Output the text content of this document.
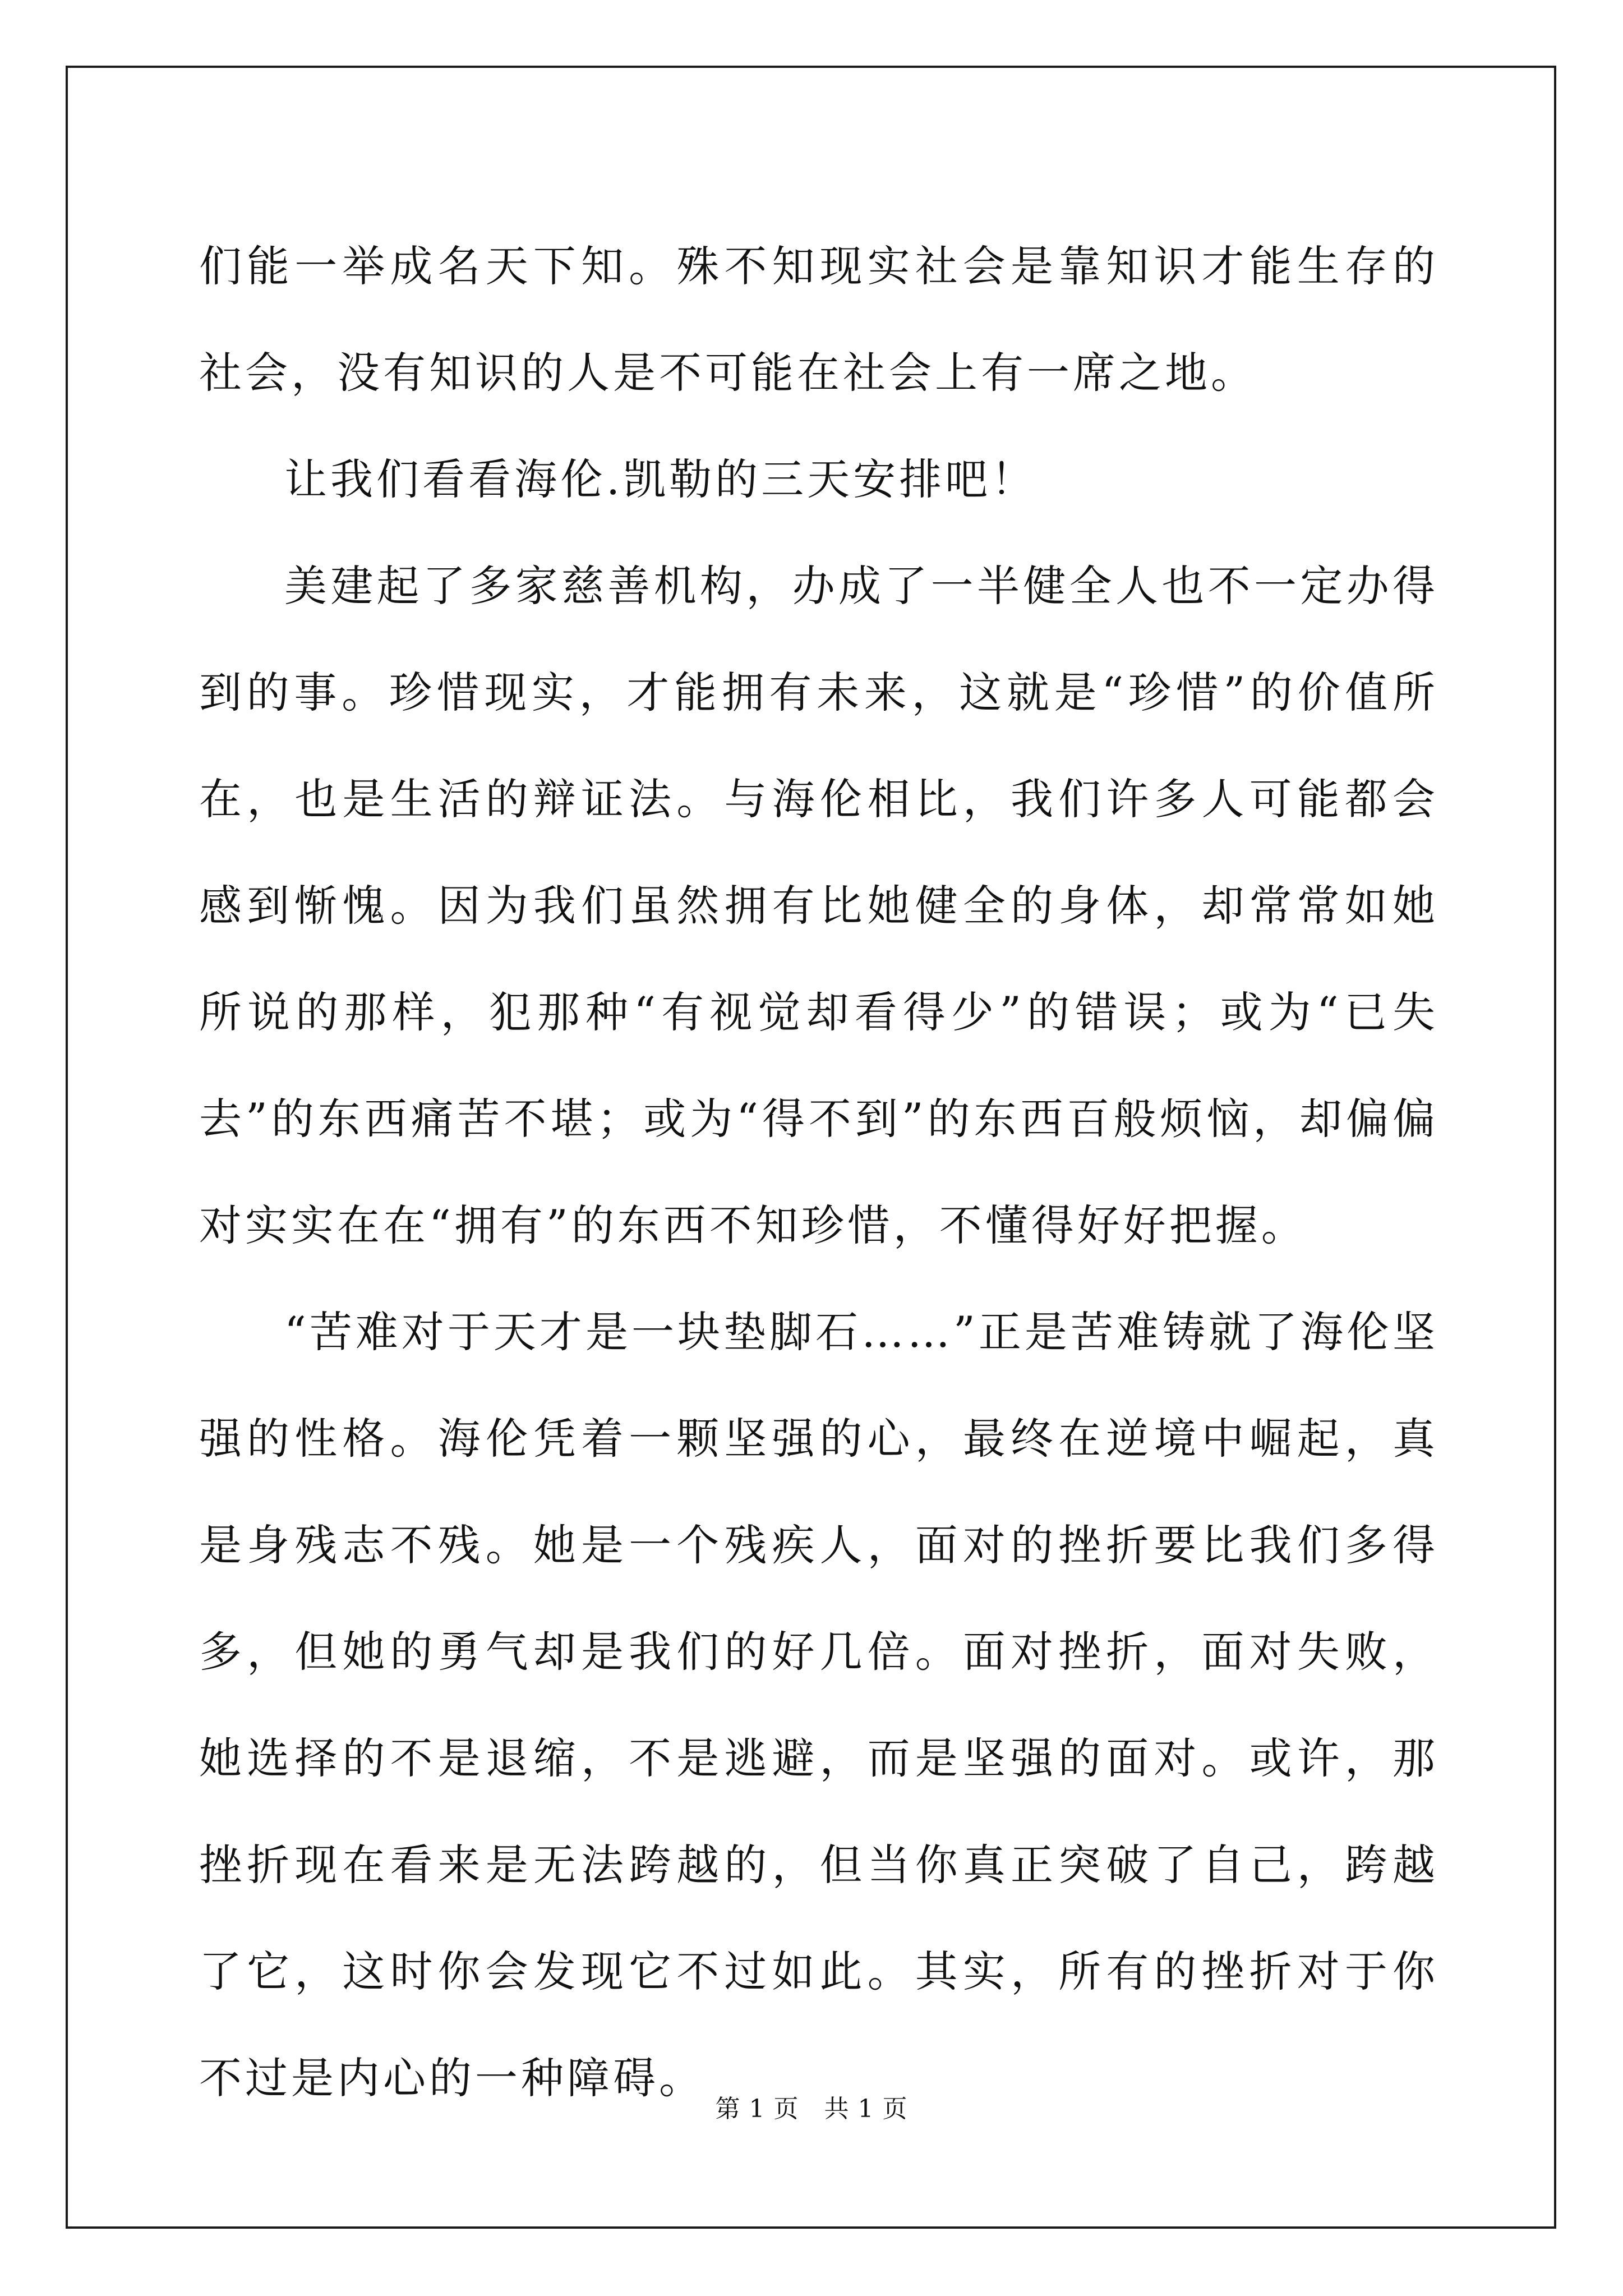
们能一举成名天下知。殊不知现实社会是靠知识才能生存的社会，没有知识的人是不可能在社会上有一席之地。

让我们看看海伦.凯勒的三天安排吧！

美建起了多家慈善机构，办成了一半健全人也不一定办得到的事。珍惜现实，才能拥有未来，这就是“珍惜”的价值所在，也是生活的辩证法。与海伦相比，我们许多人可能都会感到惭愧。因为我们虽然拥有比她健全的身体，却常常如她所说的那样，犯那种“有视觉却看得少”的错误；或为“已失去”的东西痛苦不堪；或为“得不到”的东西百般烦恼，却偏偏对实实在在“拥有”的东西不知珍惜，不懂得好好把握。

“苦难对于天才是一块垫脚石……”正是苦难铸就了海伦坚强的性格。海伦凭着一颗坚强的心，最终在逆境中崛起，真是身残志不残。她是一个残疾人，面对的挫折要比我们多得多，但她的勇气却是我们的好几倍。面对挫折，面对失败，她选择的不是退缩，不是逃避，而是坚强的面对。或许，那挫折现在看来是无法跨越的，但当你真正突破了自己，跨越了它，这时你会发现它不过如此。其实，所有的挫折对于你不过是内心的一种障碍。

第 1 页   共 1 页
